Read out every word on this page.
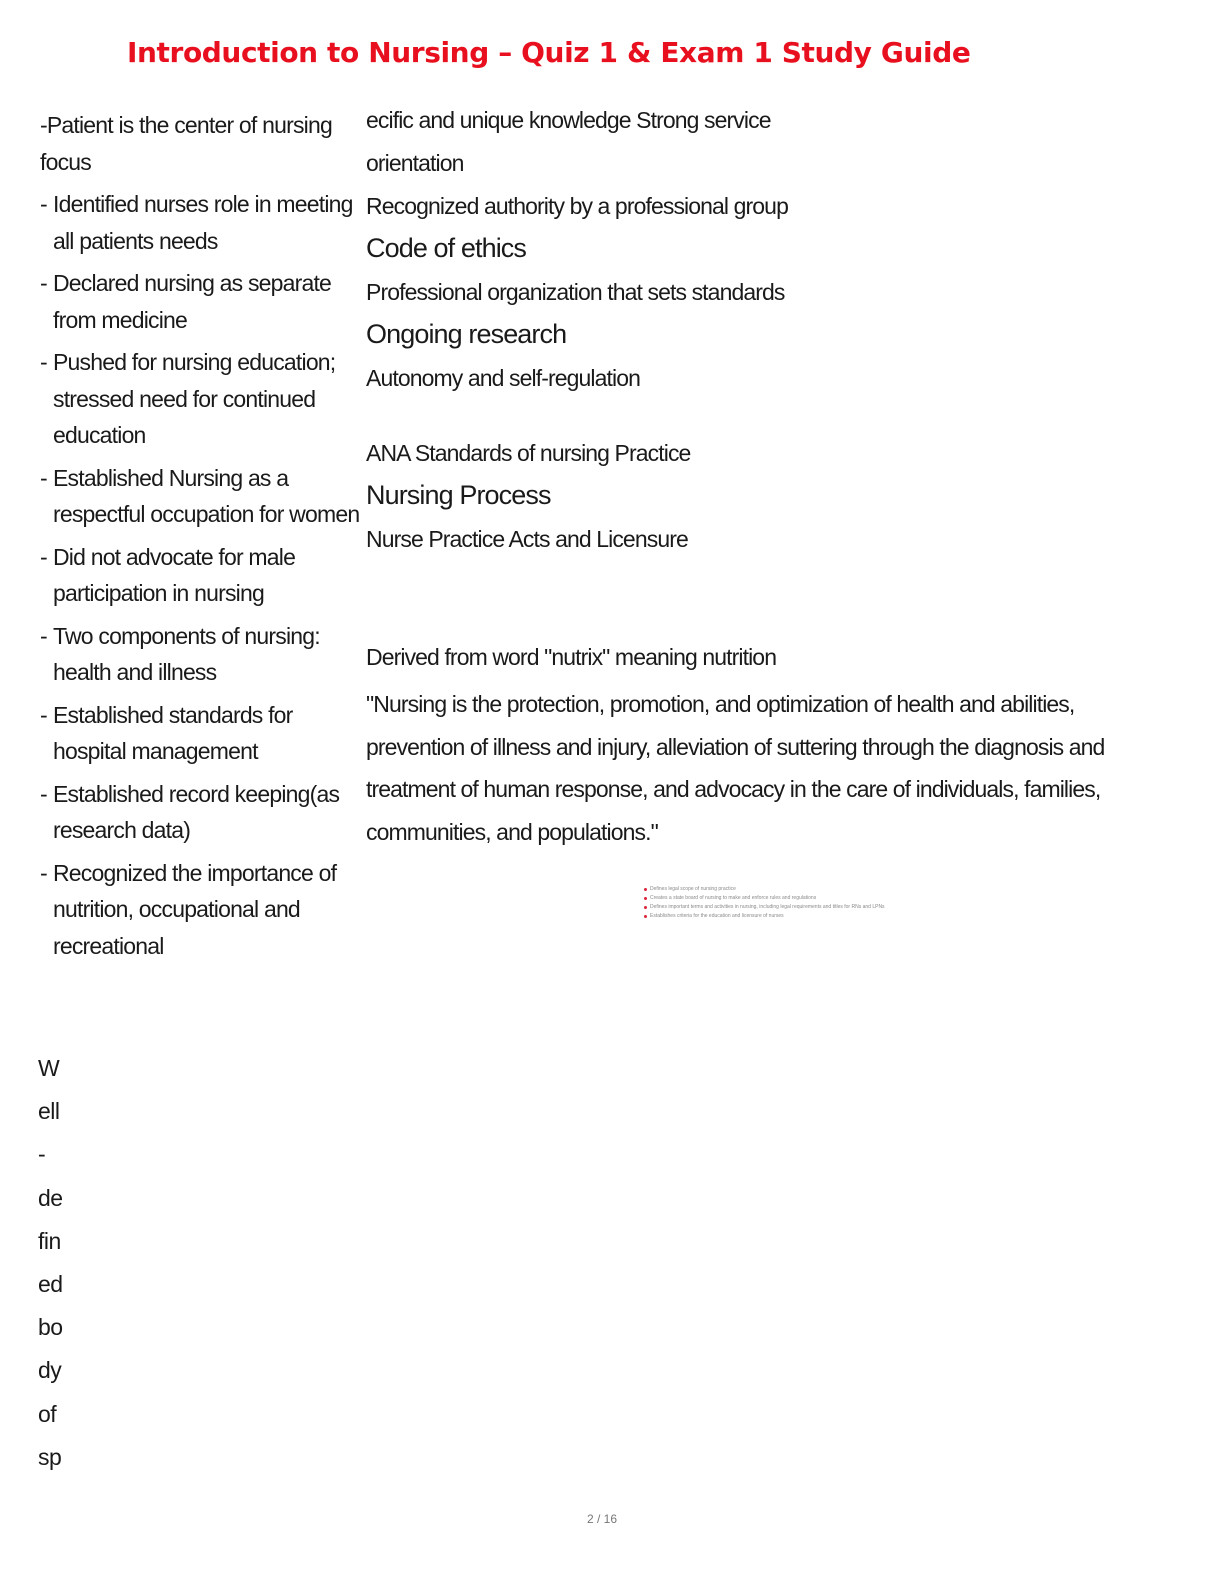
Introduction to Nursing – Quiz 1 & Exam 1 Study Guide

-Patient is the center of nursing focus

- Identified nurses role in meeting all patients needs
- Declared nursing as separate from medicine
- Pushed for nursing education; stressed need for continued education
- Established Nursing as a respectful occupation for women
- Did not advocate for male participation in nursing
- Two components of nursing: health and illness
- Established standards for hospital management
- Established record keeping(as research data)
- Recognized the importance of nutrition, occupational and recreational

ecific and unique knowledge Strong service

orientation

Recognized authority by a professional group

Code of ethics

Professional organization that sets standards

Ongoing research

Autonomy and self-regulation

ANA Standards of nursing Practice

Nursing Process

Nurse Practice Acts and Licensure

Derived from word "nutrix" meaning nutrition

"Nursing is the protection, promotion, and optimization of health and abilities, prevention of illness and injury, alleviation of suttering through the diagnosis and treatment of human response, and advocacy in the care of individuals, families, communities, and populations."

Defines legal scope of nursing practice
Creates a state board of nursing to make and enforce rules and regulations
Defines important terms and activities in nursing, including legal requirements and titles for RNs and LPNs
Establishes criteria for the education and licensure of nurses
W
ell
-
de
fin
ed
bo
dy
of
sp
2 / 16
